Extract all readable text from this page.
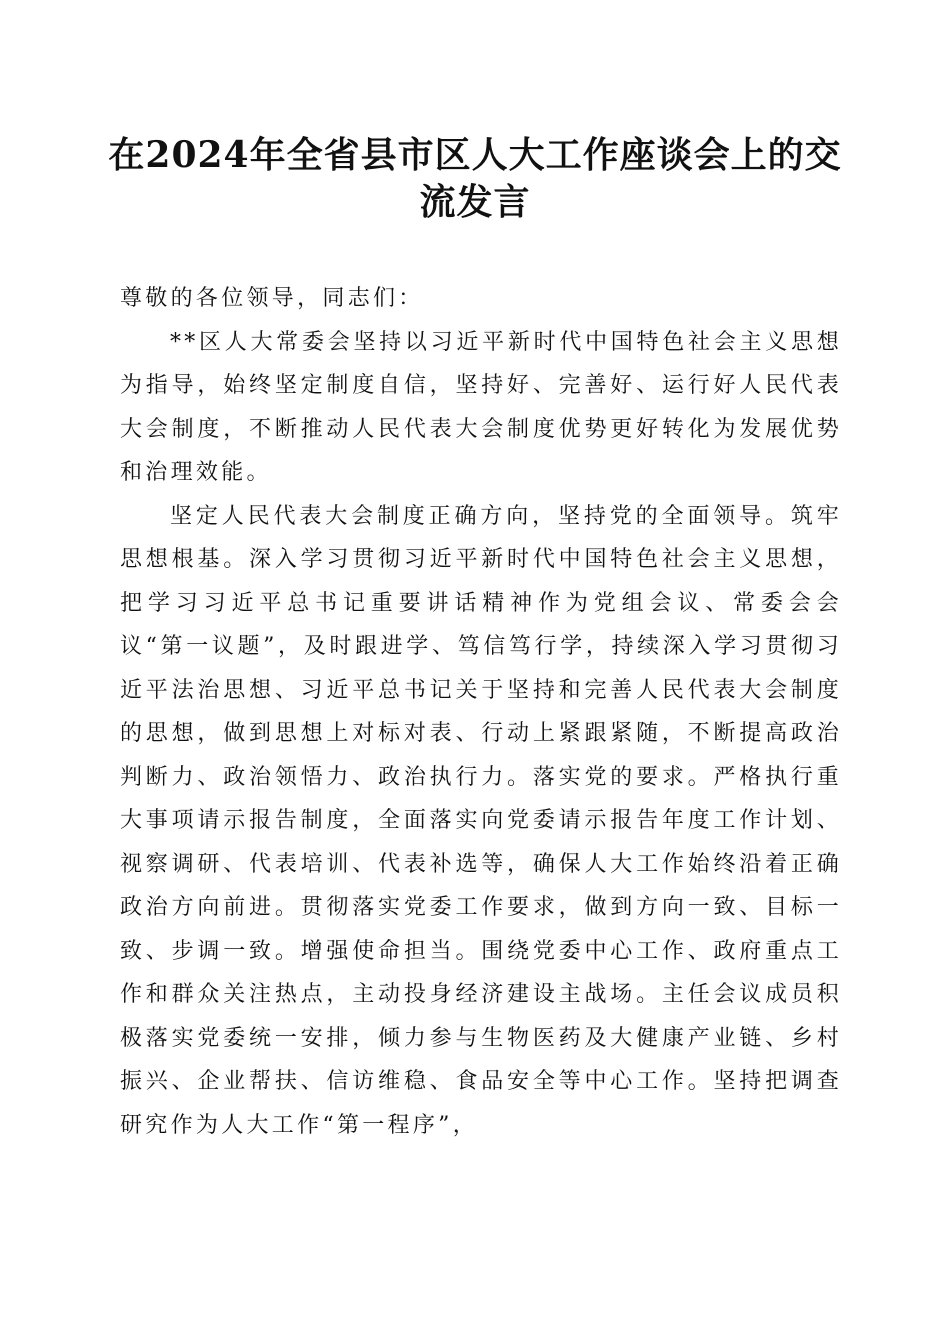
在2024年全省县市区人大工作座谈会上的交流发言

尊敬的各位领导，同志们：

**区人大常委会坚持以习近平新时代中国特色社会主义思想为指导，始终坚定制度自信，坚持好、完善好、运行好人民代表大会制度，不断推动人民代表大会制度优势更好转化为发展优势和治理效能。

坚定人民代表大会制度正确方向，坚持党的全面领导。筑牢思想根基。深入学习贯彻习近平新时代中国特色社会主义思想，把学习习近平总书记重要讲话精神作为党组会议、常委会会议“第一议题”，及时跟进学、笃信笃行学，持续深入学习贯彻习近平法治思想、习近平总书记关于坚持和完善人民代表大会制度的思想，做到思想上对标对表、行动上紧跟紧随，不断提高政治判断力、政治领悟力、政治执行力。落实党的要求。严格执行重大事项请示报告制度，全面落实向党委请示报告年度工作计划、视察调研、代表培训、代表补选等，确保人大工作始终沿着正确政治方向前进。贯彻落实党委工作要求，做到方向一致、目标一致、步调一致。增强使命担当。围绕党委中心工作、政府重点工作和群众关注热点，主动投身经济建设主战场。主任会议成员积极落实党委统一安排，倾力参与生物医药及大健康产业链、乡村振兴、企业帮扶、信访维稳、食品安全等中心工作。坚持把调查研究作为人大工作“第一程序”，
